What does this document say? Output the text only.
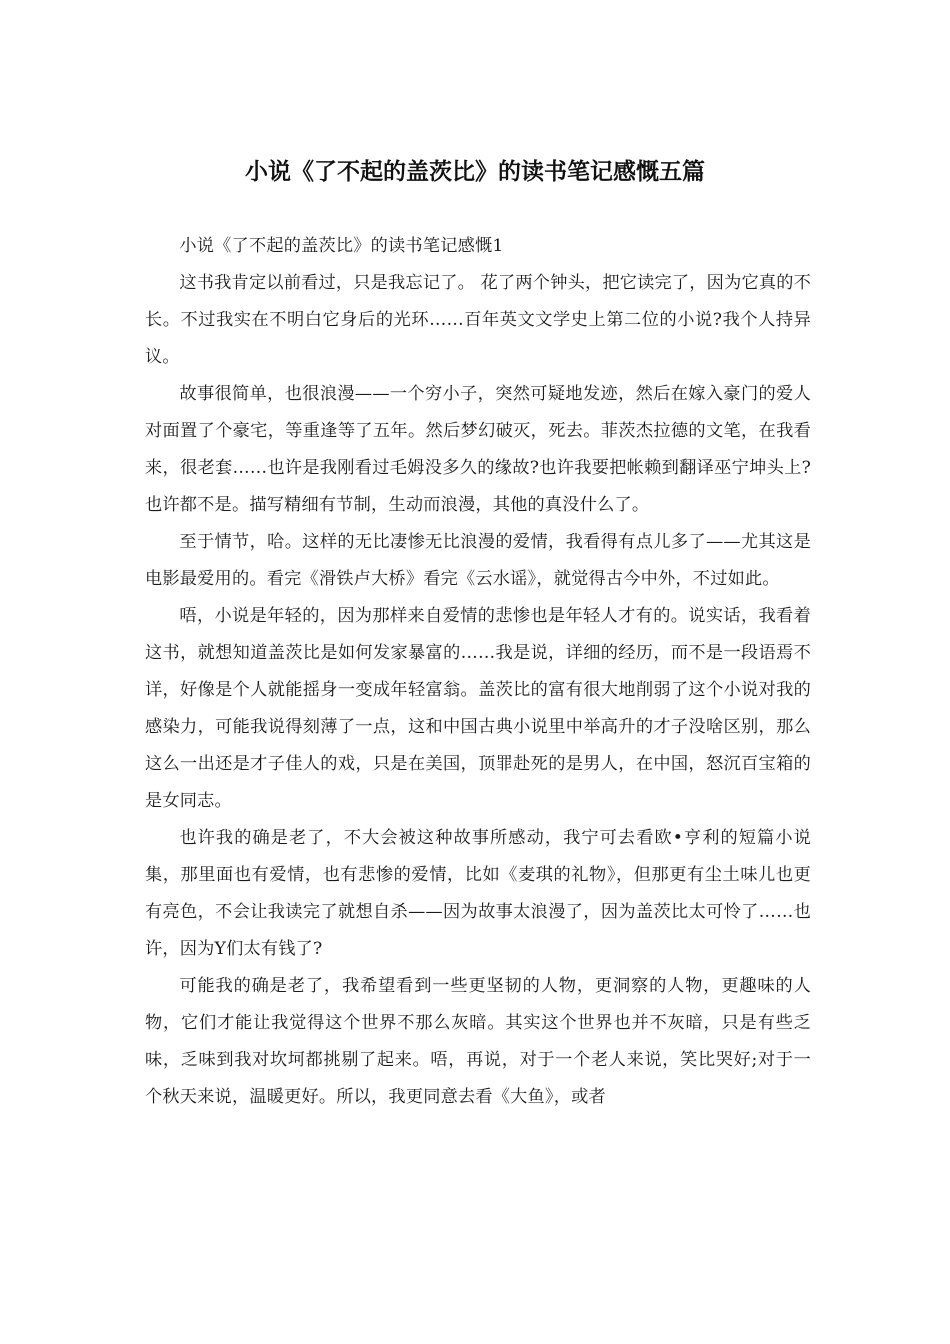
小说《了不起的盖茨比》的读书笔记感慨五篇

小说《了不起的盖茨比》的读书笔记感慨1

这书我肯定以前看过，只是我忘记了。 花了两个钟头，把它读完了，因为它真的不长。不过我实在不明白它身后的光环……百年英文文学史上第二位的小说?我个人持异议。

故事很简单，也很浪漫——一个穷小子，突然可疑地发迹，然后在嫁入豪门的爱人对面置了个豪宅，等重逢等了五年。然后梦幻破灭，死去。菲茨杰拉德的文笔，在我看来，很老套……也许是我刚看过毛姆没多久的缘故?也许我要把帐赖到翻译巫宁坤头上?也许都不是。描写精细有节制，生动而浪漫，其他的真没什么了。

至于情节，哈。这样的无比凄惨无比浪漫的爱情，我看得有点儿多了——尤其这是电影最爱用的。看完《滑铁卢大桥》看完《云水谣》，就觉得古今中外，不过如此。

唔，小说是年轻的，因为那样来自爱情的悲惨也是年轻人才有的。说实话，我看着这书，就想知道盖茨比是如何发家暴富的……我是说，详细的经历，而不是一段语焉不详，好像是个人就能摇身一变成年轻富翁。盖茨比的富有很大地削弱了这个小说对我的感染力，可能我说得刻薄了一点，这和中国古典小说里中举高升的才子没啥区别，那么这么一出还是才子佳人的戏，只是在美国，顶罪赴死的是男人，在中国，怒沉百宝箱的是女同志。

也许我的确是老了，不大会被这种故事所感动，我宁可去看欧•亨利的短篇小说集，那里面也有爱情，也有悲惨的爱情，比如《麦琪的礼物》，但那更有尘土味儿也更有亮色，不会让我读完了就想自杀——因为故事太浪漫了，因为盖茨比太可怜了……也许，因为Y们太有钱了?

可能我的确是老了，我希望看到一些更坚韧的人物，更洞察的人物，更趣味的人物，它们才能让我觉得这个世界不那么灰暗。其实这个世界也并不灰暗，只是有些乏味，乏味到我对坎坷都挑剔了起来。唔，再说，对于一个老人来说，笑比哭好;对于一个秋天来说，温暖更好。所以，我更同意去看《大鱼》，或者
